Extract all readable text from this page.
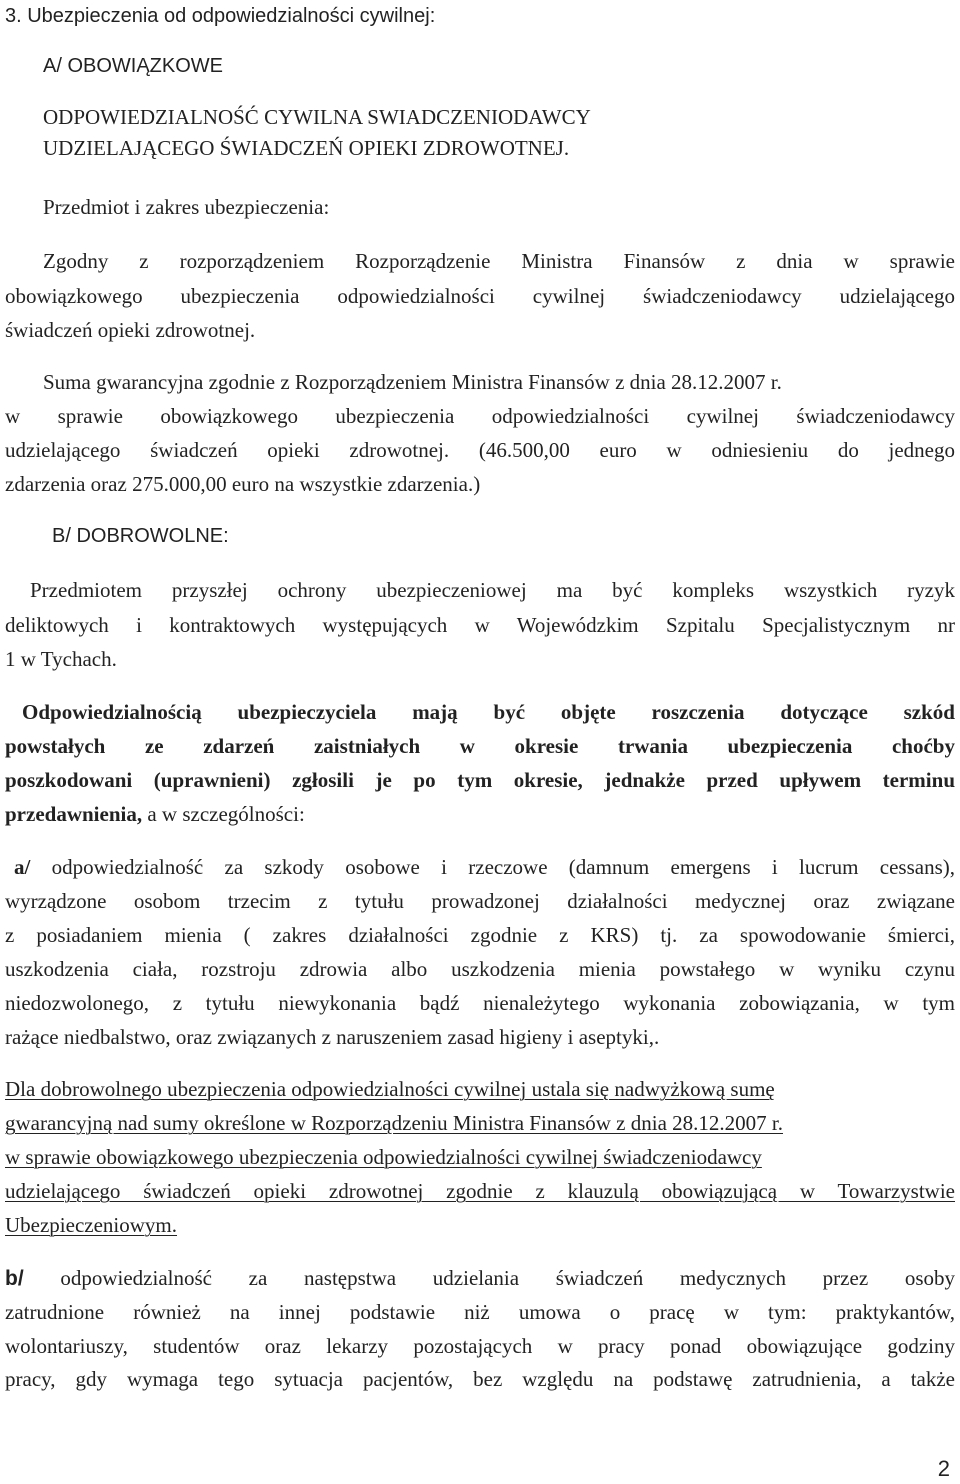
3. Ubezpieczenia od odpowiedzialności cywilnej:
A/ OBOWIĄZKOWE
ODPOWIEDZIALNOŚĆ CYWILNA SWIADCZENIODAWCY
UDZIELAJĄCEGO ŚWIADCZEŃ OPIEKI ZDROWOTNEJ.
Przedmiot i zakres ubezpieczenia:
Zgodny z rozporządzeniem Rozporządzenie Ministra Finansów z dnia w sprawie
obowiązkowego ubezpieczenia odpowiedzialności cywilnej świadczeniodawcy udzielającego
świadczeń opieki zdrowotnej.
Suma gwarancyjna zgodnie z Rozporządzeniem Ministra Finansów z dnia 28.12.2007 r.
w sprawie obowiązkowego ubezpieczenia odpowiedzialności cywilnej świadczeniodawcy
udzielającego świadczeń opieki zdrowotnej. (46.500,00 euro w odniesieniu do jednego
zdarzenia oraz 275.000,00 euro na wszystkie zdarzenia.)
B/ DOBROWOLNE:
Przedmiotem przyszłej ochrony ubezpieczeniowej ma być kompleks wszystkich ryzyk
deliktowych i kontraktowych występujących w Wojewódzkim Szpitalu Specjalistycznym nr
1 w Tychach.
Odpowiedzialnością ubezpieczyciela mają być objęte roszczenia dotyczące szkód
powstałych ze zdarzeń zaistniałych w okresie trwania ubezpieczenia choćby
poszkodowani (uprawnieni) zgłosili je po tym okresie, jednakże przed upływem terminu
przedawnienia, a w szczególności:
a/ odpowiedzialność za szkody osobowe i rzeczowe (damnum emergens i lucrum cessans),
wyrządzone osobom trzecim z tytułu prowadzonej działalności medycznej oraz związane
z posiadaniem mienia ( zakres działalności zgodnie z KRS) tj. za spowodowanie śmierci,
uszkodzenia ciała, rozstroju zdrowia albo uszkodzenia mienia powstałego w wyniku czynu
niedozwolonego, z tytułu niewykonania bądź nienależytego wykonania zobowiązania, w tym
rażące niedbalstwo, oraz związanych z naruszeniem zasad higieny i aseptyki,.
Dla dobrowolnego ubezpieczenia odpowiedzialności cywilnej ustala się nadwyżkową sumę
gwarancyjną nad sumy określone w Rozporządzeniu Ministra Finansów z dnia 28.12.2007 r.
w sprawie obowiązkowego ubezpieczenia odpowiedzialności cywilnej świadczeniodawcy
udzielającego świadczeń opieki zdrowotnej zgodnie z klauzulą obowiązującą w Towarzystwie
Ubezpieczeniowym.
b/ odpowiedzialność za następstwa udzielania świadczeń medycznych przez osoby
zatrudnione również na innej podstawie niż umowa o pracę w tym: praktykantów,
wolontariuszy, studentów oraz lekarzy pozostających w pracy ponad obowiązujące godziny
pracy, gdy wymaga tego sytuacja pacjentów, bez względu na podstawę zatrudnienia, a także
2
